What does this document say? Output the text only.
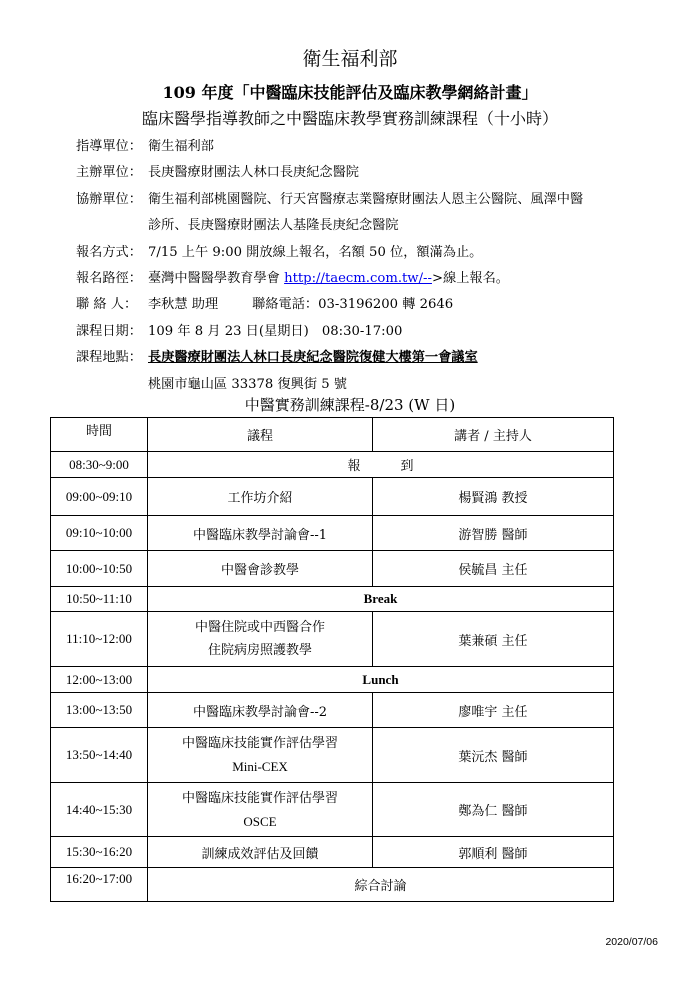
衛生福利部
109 年度「中醫臨床技能評估及臨床教學網絡計畫」
臨床醫學指導教師之中醫臨床教學實務訓練課程（十小時）
指導單位： 衛生福利部
主辦單位： 長庚醫療財團法人林口長庚紀念醫院
協辦單位： 衛生福利部桃園醫院、行天宮醫療志業醫療財團法人恩主公醫院、風澤中醫
診所、長庚醫療財團法人基隆長庚紀念醫院
報名方式： 7/15 上午 9:00 開放線上報名，名額 50 位，額滿為止。
報名路徑： 臺灣中醫醫學教育學會 http://taecm.com.tw/-->線上報名。
聯 絡 人： 李秋慧 助理	聯絡電話：03-3196200 轉 2646
課程日期： 109 年 8 月 23 日(星期日)　08:30-17:00
課程地點： 長庚醫療財團法人林口長庚紀念醫院復健大樓第一會議室
桃園市龜山區 33378 復興街 5 號
中醫實務訓練課程-8/23 (W 日)
時間	議程	講者 / 主持人
08:30~9:00	報到	
09:00~09:10	工作坊介紹	楊賢鴻 教授
09:10~10:00	中醫臨床教學討論會--1	游智勝 醫師
10:00~10:50	中醫會診教學	侯毓昌 主任
10:50~11:10	Break	
11:10~12:00	中醫住院或中西醫合作
住院病房照護教學	葉兼碩 主任
12:00~13:00	Lunch	
13:00~13:50	中醫臨床教學討論會--2	廖唯宇 主任
13:50~14:40	中醫臨床技能實作評估學習
Mini-CEX	葉沅杰 醫師
14:40~15:30	中醫臨床技能實作評估學習
OSCE	鄭為仁 醫師
15:30~16:20	訓練成效評估及回饋	郭順利 醫師
16:20~17:00	綜合討論	
2020/07/06
